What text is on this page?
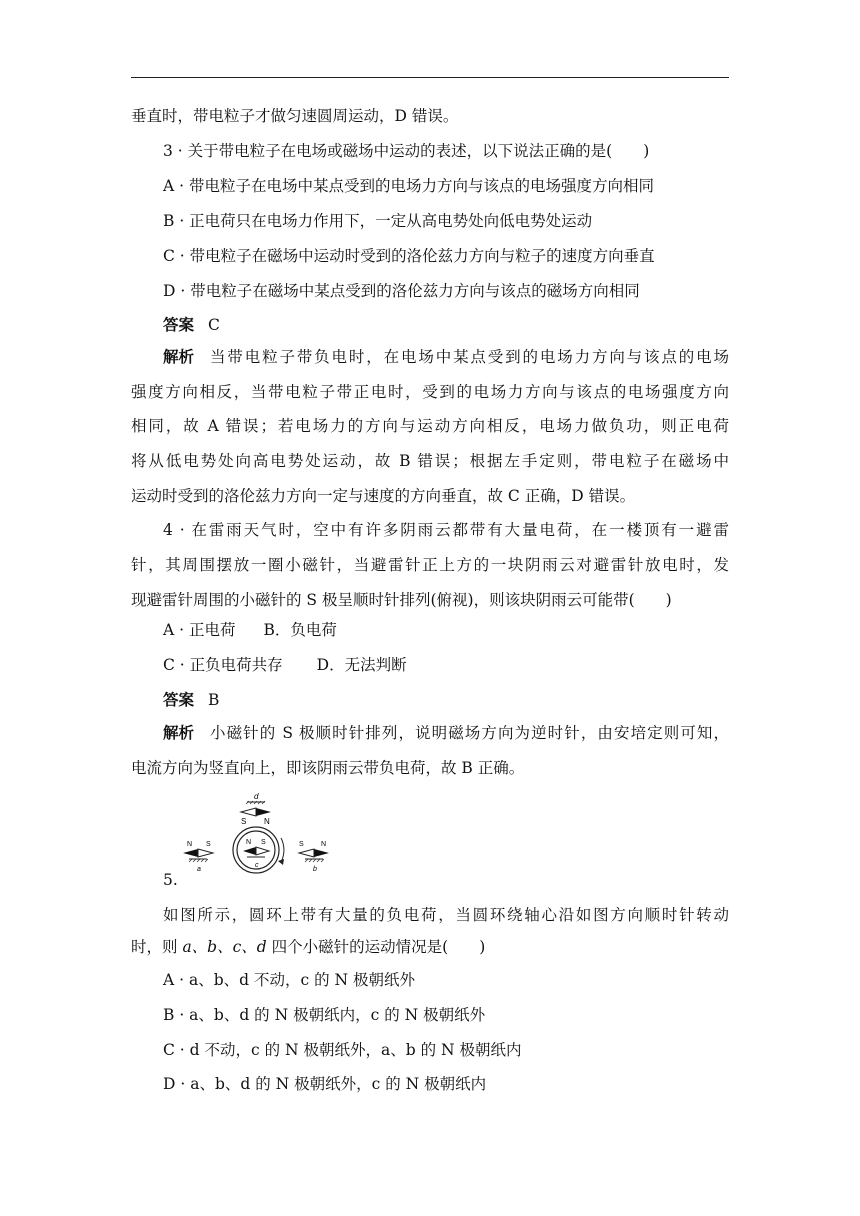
垂直时，带电粒子才做匀速圆周运动，D 错误。
3 · 关于带电粒子在电场或磁场中运动的表述，以下说法正确的是(　　)
A · 带电粒子在电场中某点受到的电场力方向与该点的电场强度方向相同
B · 正电荷只在电场力作用下，一定从高电势处向低电势处运动
C · 带电粒子在磁场中运动时受到的洛伦兹力方向与粒子的速度方向垂直
D · 带电粒子在磁场中某点受到的洛伦兹力方向与该点的磁场方向相同
答案 C
解析 当带电粒子带负电时，在电场中某点受到的电场力方向与该点的电场
强度方向相反，当带电粒子带正电时，受到的电场力方向与该点的电场强度方向
相同，故 A 错误；若电场力的方向与运动方向相反，电场力做负功，则正电荷
将从低电势处向高电势处运动，故 B 错误；根据左手定则，带电粒子在磁场中
运动时受到的洛伦兹力方向一定与速度的方向垂直，故 C 正确，D 错误。
4 · 在雷雨天气时，空中有许多阴雨云都带有大量电荷，在一楼顶有一避雷
针，其周围摆放一圈小磁针，当避雷针正上方的一块阴雨云对避雷针放电时，发
现避雷针周围的小磁针的 S 极呈顺时针排列(俯视)，则该块阴雨云可能带(　　)
A · 正电荷 B．负电荷
C · 正负电荷共存 D．无法判断
答案 B
解析 小磁针的 S 极顺时针排列，说明磁场方向为逆时针，由安培定则可知，
电流方向为竖直向上，即该阴雨云带负电荷，故 B 正确。
d
S N
N S
c
N S
a
S N
b
5.
如图所示，圆环上带有大量的负电荷，当圆环绕轴心沿如图方向顺时针转动
时，则 a、b、c、d 四个小磁针的运动情况是(　　)
A · a、b、d 不动，c 的 N 极朝纸外
B · a、b、d 的 N 极朝纸内，c 的 N 极朝纸外
C · d 不动，c 的 N 极朝纸外，a、b 的 N 极朝纸内
D · a、b、d 的 N 极朝纸外，c 的 N 极朝纸内
